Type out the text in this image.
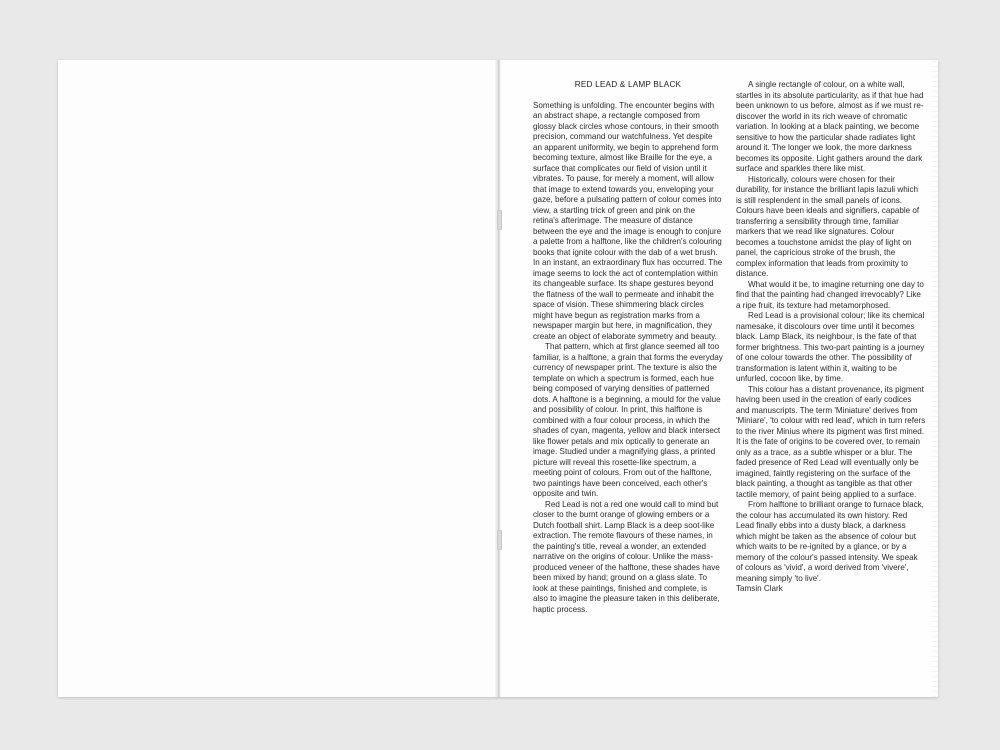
RED LEAD & LAMP BLACK

Something is unfolding. The encounter begins with an abstract shape, a rectangle composed from glossy black circles whose contours, in their smooth precision, command our watchfulness. Yet despite an apparent uniformity, we begin to apprehend form becoming texture, almost like Braille for the eye, a surface that complicates our field of vision until it vibrates. To pause, for merely a moment, will allow that image to extend towards you, enveloping your gaze, before a pulsating pattern of colour comes into view, a startling trick of green and pink on the retina's afterimage. The measure of distance between the eye and the image is enough to conjure a palette from a halftone, like the children's colouring books that ignite colour with the dab of a wet brush. In an instant, an extraordinary flux has occurred. The image seems to lock the act of contemplation within its changeable surface. Its shape gestures beyond the flatness of the wall to permeate and inhabit the space of vision. These shimmering black circles might have begun as registration marks from a newspaper margin but here, in magnification, they create an object of elaborate symmetry and beauty.

That pattern, which at first glance seemed all too familiar, is a halftone, a grain that forms the everyday currency of newspaper print. The texture is also the template on which a spectrum is formed, each hue being composed of varying densities of patterned dots. A halftone is a beginning, a mould for the value and possibility of colour. In print, this halftone is combined with a four colour process, in which the shades of cyan, magenta, yellow and black intersect like flower petals and mix optically to generate an image. Studied under a magnifying glass, a printed picture will reveal this rosette-like spectrum, a meeting point of colours. From out of the halftone, two paintings have been conceived, each other's opposite and twin.

Red Lead is not a red one would call to mind but closer to the burnt orange of glowing embers or a Dutch football shirt. Lamp Black is a deep soot-like extraction. The remote flavours of these names, in the painting's title, reveal a wonder, an extended narrative on the origins of colour. Unlike the mass-produced veneer of the halftone, these shades have been mixed by hand; ground on a glass slate. To look at these paintings, finished and complete, is also to imagine the pleasure taken in this deliberate, haptic process.

A single rectangle of colour, on a white wall, startles in its absolute particularity, as if that hue had been unknown to us before, almost as if we must re-discover the world in its rich weave of chromatic variation. In looking at a black painting, we become sensitive to how the particular shade radiates light around it. The longer we look, the more darkness becomes its opposite. Light gathers around the dark surface and sparkles there like mist.

Historically, colours were chosen for their durability, for instance the brilliant lapis lazuli which is still resplendent in the small panels of icons. Colours have been ideals and signifiers, capable of transferring a sensibility through time, familiar markers that we read like signatures. Colour becomes a touchstone amidst the play of light on panel, the capricious stroke of the brush, the complex information that leads from proximity to distance.

What would it be, to imagine returning one day to find that the painting had changed irrevocably? Like a ripe fruit, its texture had metamorphosed.

Red Lead is a provisional colour; like its chemical namesake, it discolours over time until it becomes black. Lamp Black, its neighbour, is the fate of that former brightness. This two-part painting is a journey of one colour towards the other. The possibility of transformation is latent within it, waiting to be unfurled, cocoon like, by time.

This colour has a distant provenance, its pigment having been used in the creation of early codices and manuscripts. The term 'Miniature' derives from 'Miniare', 'to colour with red lead', which in turn refers to the river Minius where its pigment was first mined. It is the fate of origins to be covered over, to remain only as a trace, as a subtle whisper or a blur. The faded presence of Red Lead will eventually only be imagined, faintly registering on the surface of the black painting, a thought as tangible as that other tactile memory, of paint being applied to a surface.

From halftone to brilliant orange to furnace black, the colour has accumulated its own history. Red Lead finally ebbs into a dusty black, a darkness which might be taken as the absence of colour but which waits to be re-ignited by a glance, or by a memory of the colour's passed intensity. We speak of colours as 'vivid', a word derived from 'vivere', meaning simply 'to live'.

Tamsin Clark
